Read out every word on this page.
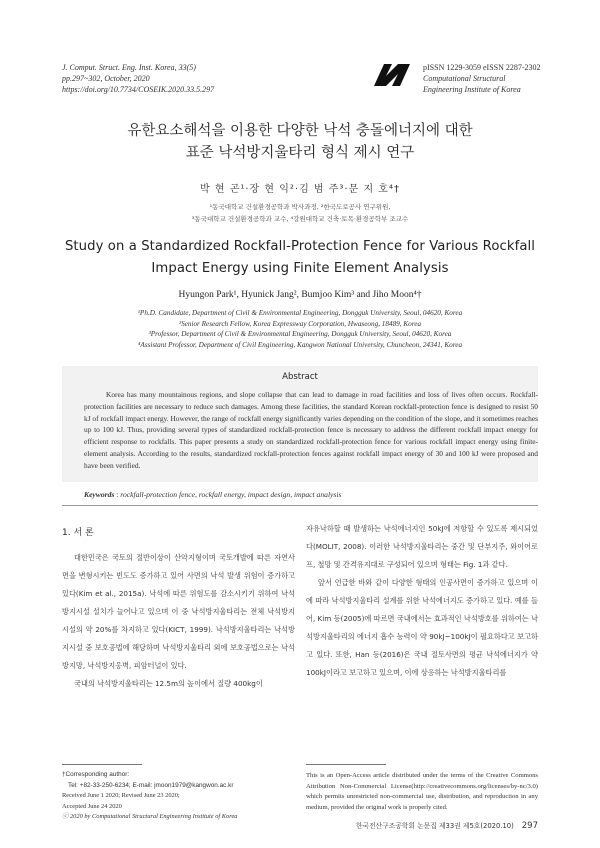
J. Comput. Struct. Eng. Inst. Korea, 33(5)
pp.297~302, October, 2020
https://doi.org/10.7734/COSEIK.2020.33.5.297
pISSN 1229-3059 eISSN 2287-2302
Computational Structural
Engineering Institute of Korea
유한요소해석을 이용한 다양한 낙석 충돌에너지에 대한
표준 낙석방지울타리 형식 제시 연구
박 현 곤¹·장 현 익²·김 범 주³·문 지 호⁴†
¹동국대학교 건설환경공학과 박사과정, ²한국도로공사 연구위원,
³동국대학교 건설환경공학과 교수, ⁴강원대학교 건축·토목·환경공학부 조교수
Study on a Standardized Rockfall-Protection Fence for Various Rockfall
Impact Energy using Finite Element Analysis
Hyungon Park¹, Hyunick Jang², Bumjoo Kim³ and Jiho Moon⁴†
¹Ph.D. Candidate, Department of Civil & Environmental Engineering, Dongguk University, Seoul, 04620, Korea
²Senior Research Fellow, Korea Expressway Corporation, Hwaseong, 18489, Korea
³Professor, Department of Civil & Environmental Engineering, Dongguk University, Seoul, 04620, Korea
⁴Assistant Professor, Department of Civil Engineering, Kangwon National University, Chuncheon, 24341, Korea
Abstract
Korea has many mountainous regions, and slope collapse that can lead to damage in road facilities and loss of lives often occurs. Rockfall-protection facilities are necessary to reduce such damages. Among these facilities, the standard Korean rockfall-protection fence is designed to resist 50 kJ of rockfall impact energy. However, the range of rockfall energy significantly varies depending on the condition of the slope, and it sometimes reaches up to 100 kJ. Thus, providing several types of standardized rockfall-protection fence is necessary to address the different rockfall impact energy for efficient response to rockfalls. This paper presents a study on standardized rockfall-protection fence for various rockfall impact energy using finite-element analysis. According to the results, standardized rockfall-protection fences against rockfall impact energy of 30 and 100 kJ were proposed and have been verified.
Keywords : rockfall-protection fence, rockfall energy, impact design, impact analysis
1. 서 론

대한민국은 국토의 절반이상이 산악지형이며 국토개발에 따른 자연사면을 변형시키는 빈도도 증가하고 있어 사면의 낙석 발생 위험이 증가하고 있다(Kim et al., 2015a). 낙석에 따른 위험도를 감소시키기 위하여 낙석방지시설 설치가 늘어나고 있으며 이 중 낙석방지울타리는 전체 낙석방지시설의 약 20%를 차지하고 있다(KICT, 1999). 낙석방지울타리는 낙석방지시설 중 보호공법에 해당하며 낙석방지울타리 외에 보호공법으로는 낙석방지망, 낙석방지옹벽, 피암터널이 있다.

국내의 낙석방지울타리는 12.5m의 높이에서 질량 400kg이

자유낙하할 때 발생하는 낙석에너지인 50kJ에 저항할 수 있도록 제시되었다(MOLIT, 2008). 이러한 낙석방지울타리는 중간 및 단부지주, 와이어로프, 철망 및 간격유지대로 구성되어 있으며 형태는 Fig. 1과 같다.

앞서 언급한 바와 같이 다양한 형태의 인공사면이 증가하고 있으며 이에 따라 낙석방지울타리 설계를 위한 낙석에너지도 증가하고 있다. 예를 들어, Kim 등(2005)에 따르면 국내에서는 효과적인 낙석방호를 위하여는 낙석방지울타리의 에너지 흡수 능력이 약 90kJ~100kJ이 필요하다고 보고하고 있다. 또한, Han 등(2016)은 국내 절토사면의 평균 낙석에너지가 약 100kJ이라고 보고하고 있으며, 이에 상응하는 낙석방지울타리를

†Corresponding author:
Tel: +82-33-250-6234; E-mail: jmoon1979@kangwon.ac.kr
Received June 1 2020; Revised June 23 2020;
Accepted June 24 2020
ⓒ 2020 by Computational Structural Engineering Institute of Korea
This is an Open-Access article distributed under the terms of the Creative Commons Attribution Non-Commercial License(http://creativecommons.org/licenses/by-nc/3.0) which permits unrestricted non-commercial use, distribution, and reproduction in any medium, provided the original work is properly cited.
한국전산구조공학회 논문집 제33권 제5호(2020.10) 297
